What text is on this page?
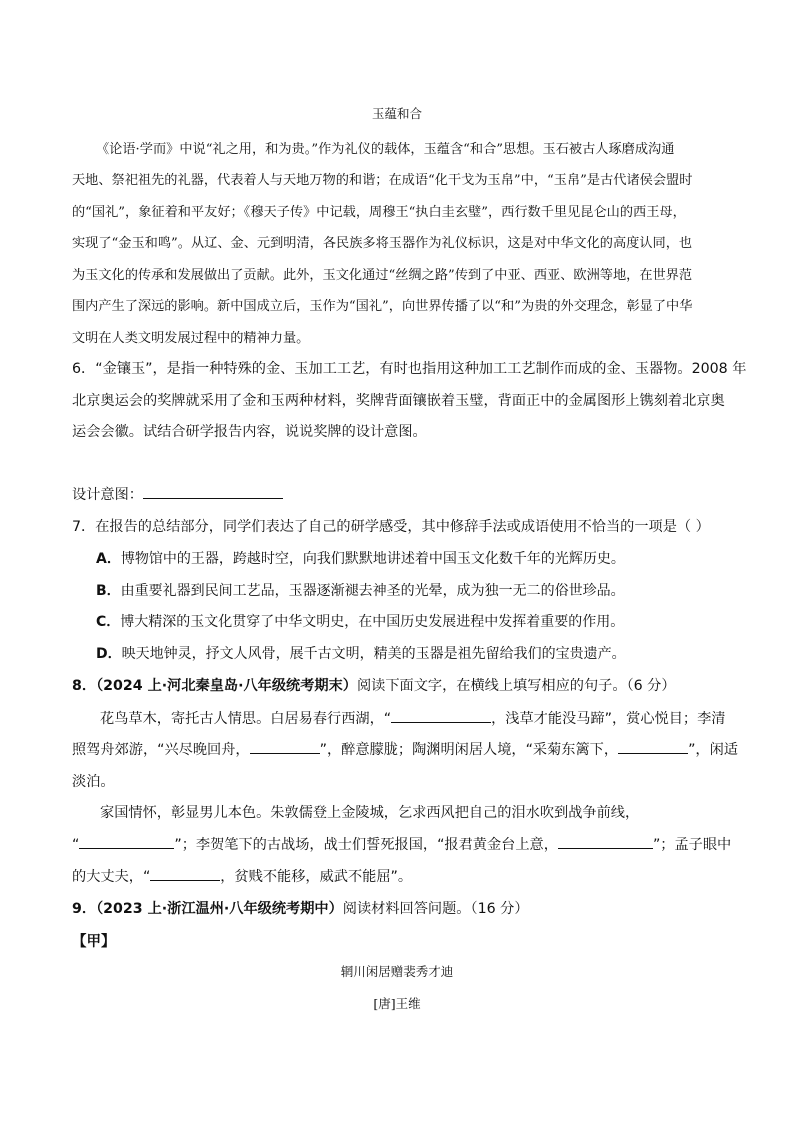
玉蕴和合
《论语·学而》中说“礼之用，和为贵。”作为礼仪的载体，玉蕴含“和合”思想。玉石被古人琢磨成沟通
天地、祭祀祖先的礼器，代表着人与天地万物的和谐；在成语“化干戈为玉帛”中，“玉帛”是古代诸侯会盟时
的“国礼”，象征着和平友好；《穆天子传》中记载，周穆王“执白圭玄璧”，西行数千里见昆仑山的西王母，
实现了“金玉和鸣”。从辽、金、元到明清，各民族多将玉器作为礼仪标识，这是对中华文化的高度认同，也
为玉文化的传承和发展做出了贡献。此外，玉文化通过“丝绸之路”传到了中亚、西亚、欧洲等地，在世界范
围内产生了深远的影响。新中国成立后，玉作为“国礼”，向世界传播了以“和”为贵的外交理念，彰显了中华
文明在人类文明发展过程中的精神力量。
6．“金镶玉”，是指一种特殊的金、玉加工工艺，有时也指用这种加工工艺制作而成的金、玉器物。2008 年
北京奥运会的奖牌就采用了金和玉两种材料，奖牌背面镶嵌着玉璧，背面正中的金属图形上镌刻着北京奥
运会会徽。试结合研学报告内容，说说奖牌的设计意图。
设计意图：
7．在报告的总结部分，同学们表达了自己的研学感受，其中修辞手法或成语使用不恰当的一项是（ ）
A．博物馆中的王器，跨越时空，向我们默默地讲述着中国玉文化数千年的光辉历史。
B．由重要礼器到民间工艺品，玉器逐渐褪去神圣的光晕，成为独一无二的俗世珍品。
C．博大精深的玉文化贯穿了中华文明史，在中国历史发展进程中发挥着重要的作用。
D．映天地钟灵，抒文人风骨，展千古文明，精美的玉器是祖先留给我们的宝贵遗产。
8．（2024 上·河北秦皇岛·八年级统考期末）阅读下面文字，在横线上填写相应的句子。（6 分）
花鸟草木，寄托古人情思。白居易春行西湖，“	，浅草才能没马蹄”，赏心悦目；李清
照驾舟郊游，“兴尽晚回舟，	”，醉意朦胧；陶渊明闲居人境，“采菊东篱下，	”，闲适
淡泊。
家国情怀，彰显男儿本色。朱敦儒登上金陵城，乞求西风把自己的泪水吹到战争前线，
“	”；李贺笔下的古战场，战士们誓死报国，“报君黄金台上意，	”；孟子眼中
的大丈夫，“	，贫贱不能移，威武不能屈”。
9．（2023 上·浙江温州·八年级统考期中）阅读材料回答问题。（16 分）
【甲】
辋川闲居赠裴秀才迪
[唐]王维
